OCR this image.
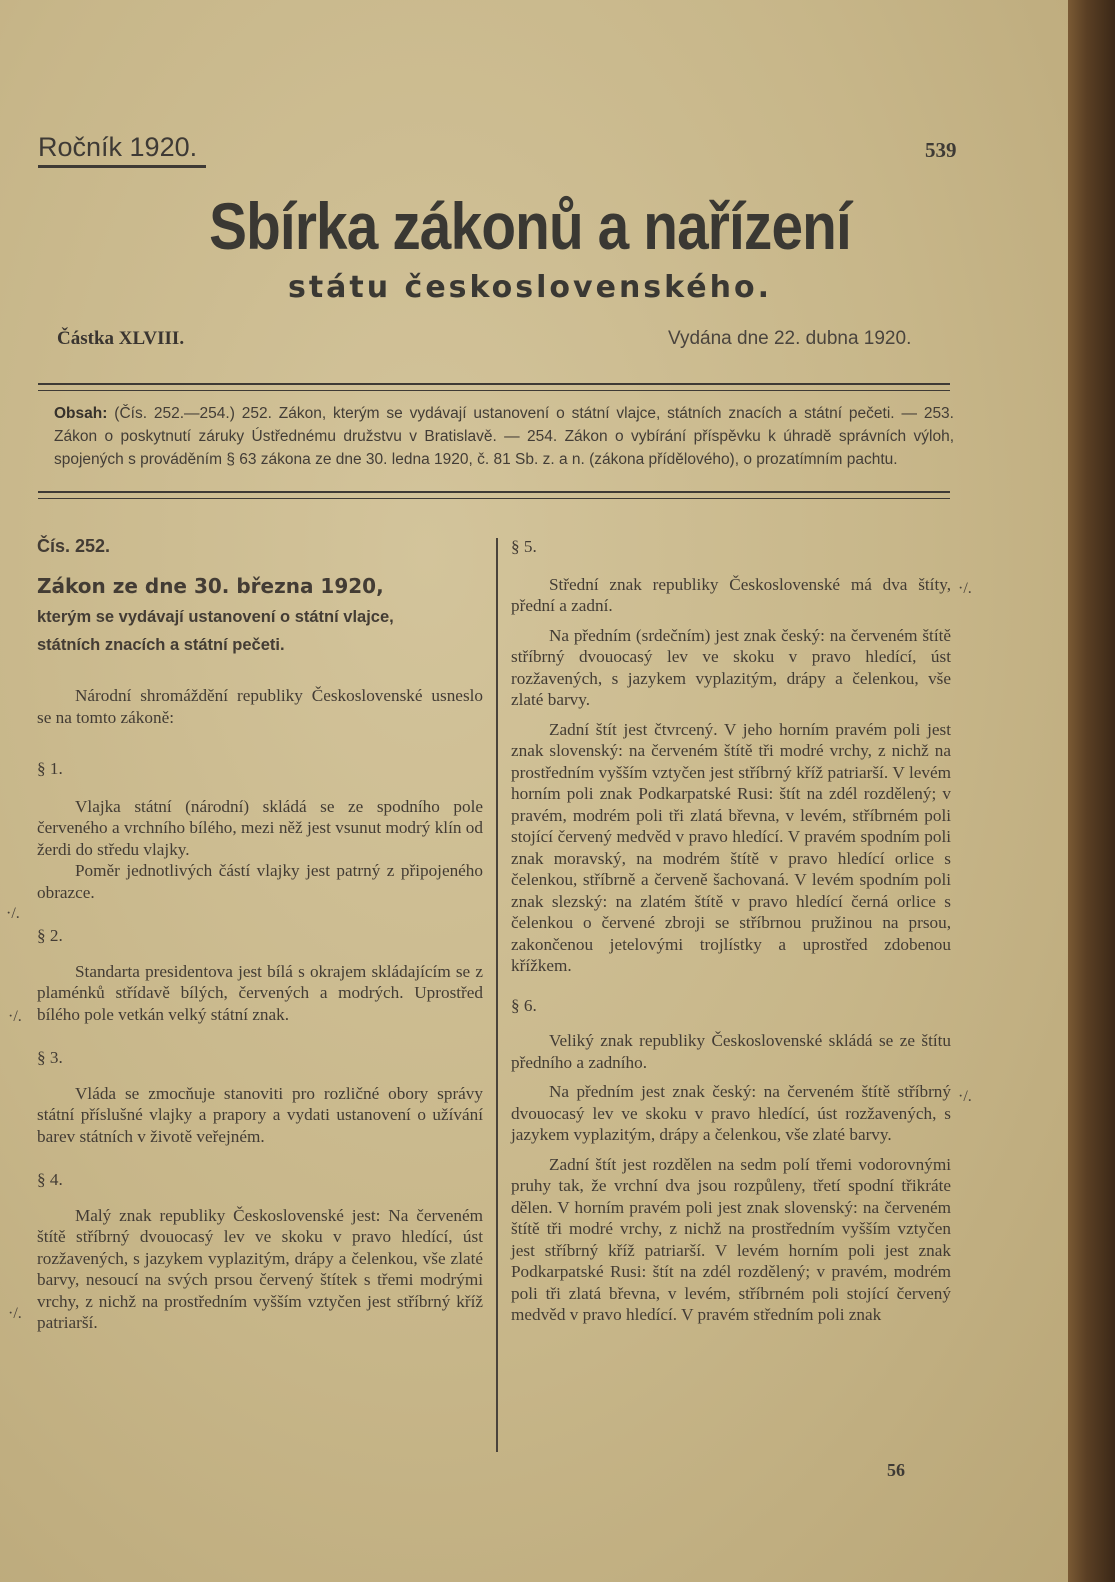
Ročník 1920.	539
Sbírka zákonů a nařízení
státu československého.
Částka XLVIII.	Vydána dne 22. dubna 1920.
Obsah: (Čís. 252.—254.) 252. Zákon, kterým se vydávají ustanovení o státní vlajce, státních znacích a státní pečeti. — 253. Zákon o poskytnutí záruky Ústřednému družstvu v Bratislavě. — 254. Zákon o vybírání příspěvku k úhradě správních výloh, spojených s prováděním § 63 zákona ze dne 30. ledna 1920, č. 81 Sb. z. a n. (zákona přídělového), o prozatímním pachtu.

Čís. 252.

Zákon ze dne 30. března 1920,

kterým se vydávají ustanovení o státní vlajce,

státních znacích a státní pečeti.

Národní shromáždění republiky Československé usneslo se na tomto zákoně:

§ 1.

Vlajka státní (národní) skládá se ze spodního pole červeného a vrchního bílého, mezi něž jest vsunut modrý klín od žerdi do středu vlajky.

Poměr jednotlivých částí vlajky jest patrný z připojeného obrazce.

§ 2.

Standarta presidentova jest bílá s okrajem skládajícím se z plaménků střídavě bílých, červených a modrých. Uprostřed bílého pole vetkán velký státní znak.

§ 3.

Vláda se zmocňuje stanoviti pro rozličné obory správy státní příslušné vlajky a prapory a vydati ustanovení o užívání barev státních v životě veřejném.

§ 4.

Malý znak republiky Československé jest: Na červeném štítě stříbrný dvouocasý lev ve skoku v pravo hledící, úst rozžavených, s jazykem vyplazitým, drápy a čelenkou, vše zlaté barvy, nesoucí na svých prsou červený štítek s třemi modrými vrchy, z nichž na prostředním vyšším vztyčen jest stříbrný kříž patriarší.

§ 5.

Střední znak republiky Československé má dva štíty, přední a zadní.

Na předním (srdečním) jest znak český: na červeném štítě stříbrný dvouocasý lev ve skoku v pravo hledící, úst rozžavených, s jazykem vyplazitým, drápy a čelenkou, vše zlaté barvy.

Zadní štít jest čtvrcený. V jeho horním pravém poli jest znak slovenský: na červeném štítě tři modré vrchy, z nichž na prostředním vyšším vztyčen jest stříbrný kříž patriarší. V levém horním poli znak Podkarpatské Rusi: štít na zdél rozdělený; v pravém, modrém poli tři zlatá břevna, v levém, stříbrném poli stojící červený medvěd v pravo hledící. V pravém spodním poli znak moravský, na modrém štítě v pravo hledící orlice s čelenkou, stříbrně a červeně šachovaná. V levém spodním poli znak slezský: na zlatém štítě v pravo hledící černá orlice s čelenkou o červené zbroji se stříbrnou pružinou na prsou, zakončenou jetelovými trojlístky a uprostřed zdobenou křížkem.

§ 6.

Veliký znak republiky Československé skládá se ze štítu předního a zadního.

Na předním jest znak český: na červeném štítě stříbrný dvouocasý lev ve skoku v pravo hledící, úst rozžavených, s jazykem vyplazitým, drápy a čelenkou, vše zlaté barvy.

Zadní štít jest rozdělen na sedm polí třemi vodorovnými pruhy tak, že vrchní dva jsou rozpůleny, třetí spodní třikráte dělen. V horním pravém poli jest znak slovenský: na červeném štítě tři modré vrchy, z nichž na prostředním vyšším vztyčen jest stříbrný kříž patriarší. V levém horním poli jest znak Podkarpatské Rusi: štít na zdél rozdělený; v pravém, modrém poli tři zlatá břevna, v levém, stříbrném poli stojící červený medvěd v pravo hledící. V pravém středním poli znak

·/.
·/.
·/.
·/.
·/.
56
